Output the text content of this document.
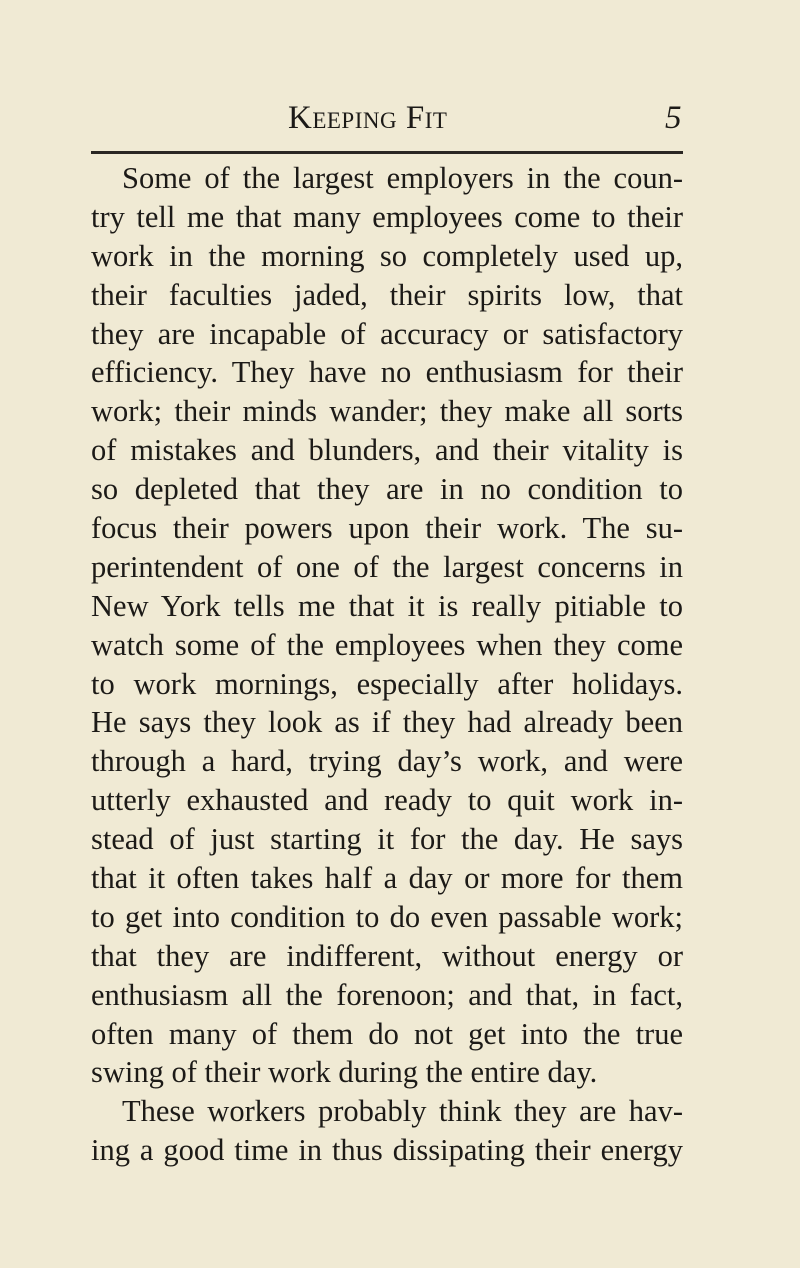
Keeping Fit	5
Some of the largest employers in the coun-
try tell me that many employees come to their
work in the morning so completely used up,
their faculties jaded, their spirits low, that
they are incapable of accuracy or satisfactory
efficiency. They have no enthusiasm for their
work; their minds wander; they make all sorts
of mistakes and blunders, and their vitality is
so depleted that they are in no condition to
focus their powers upon their work. The su-
perintendent of one of the largest concerns in
New York tells me that it is really pitiable to
watch some of the employees when they come
to work mornings, especially after holidays.
He says they look as if they had already been
through a hard, trying day’s work, and were
utterly exhausted and ready to quit work in-
stead of just starting it for the day. He says
that it often takes half a day or more for them
to get into condition to do even passable work;
that they are indifferent, without energy or
enthusiasm all the forenoon; and that, in fact,
often many of them do not get into the true
swing of their work during the entire day.
These workers probably think they are hav-
ing a good time in thus dissipating their energy
